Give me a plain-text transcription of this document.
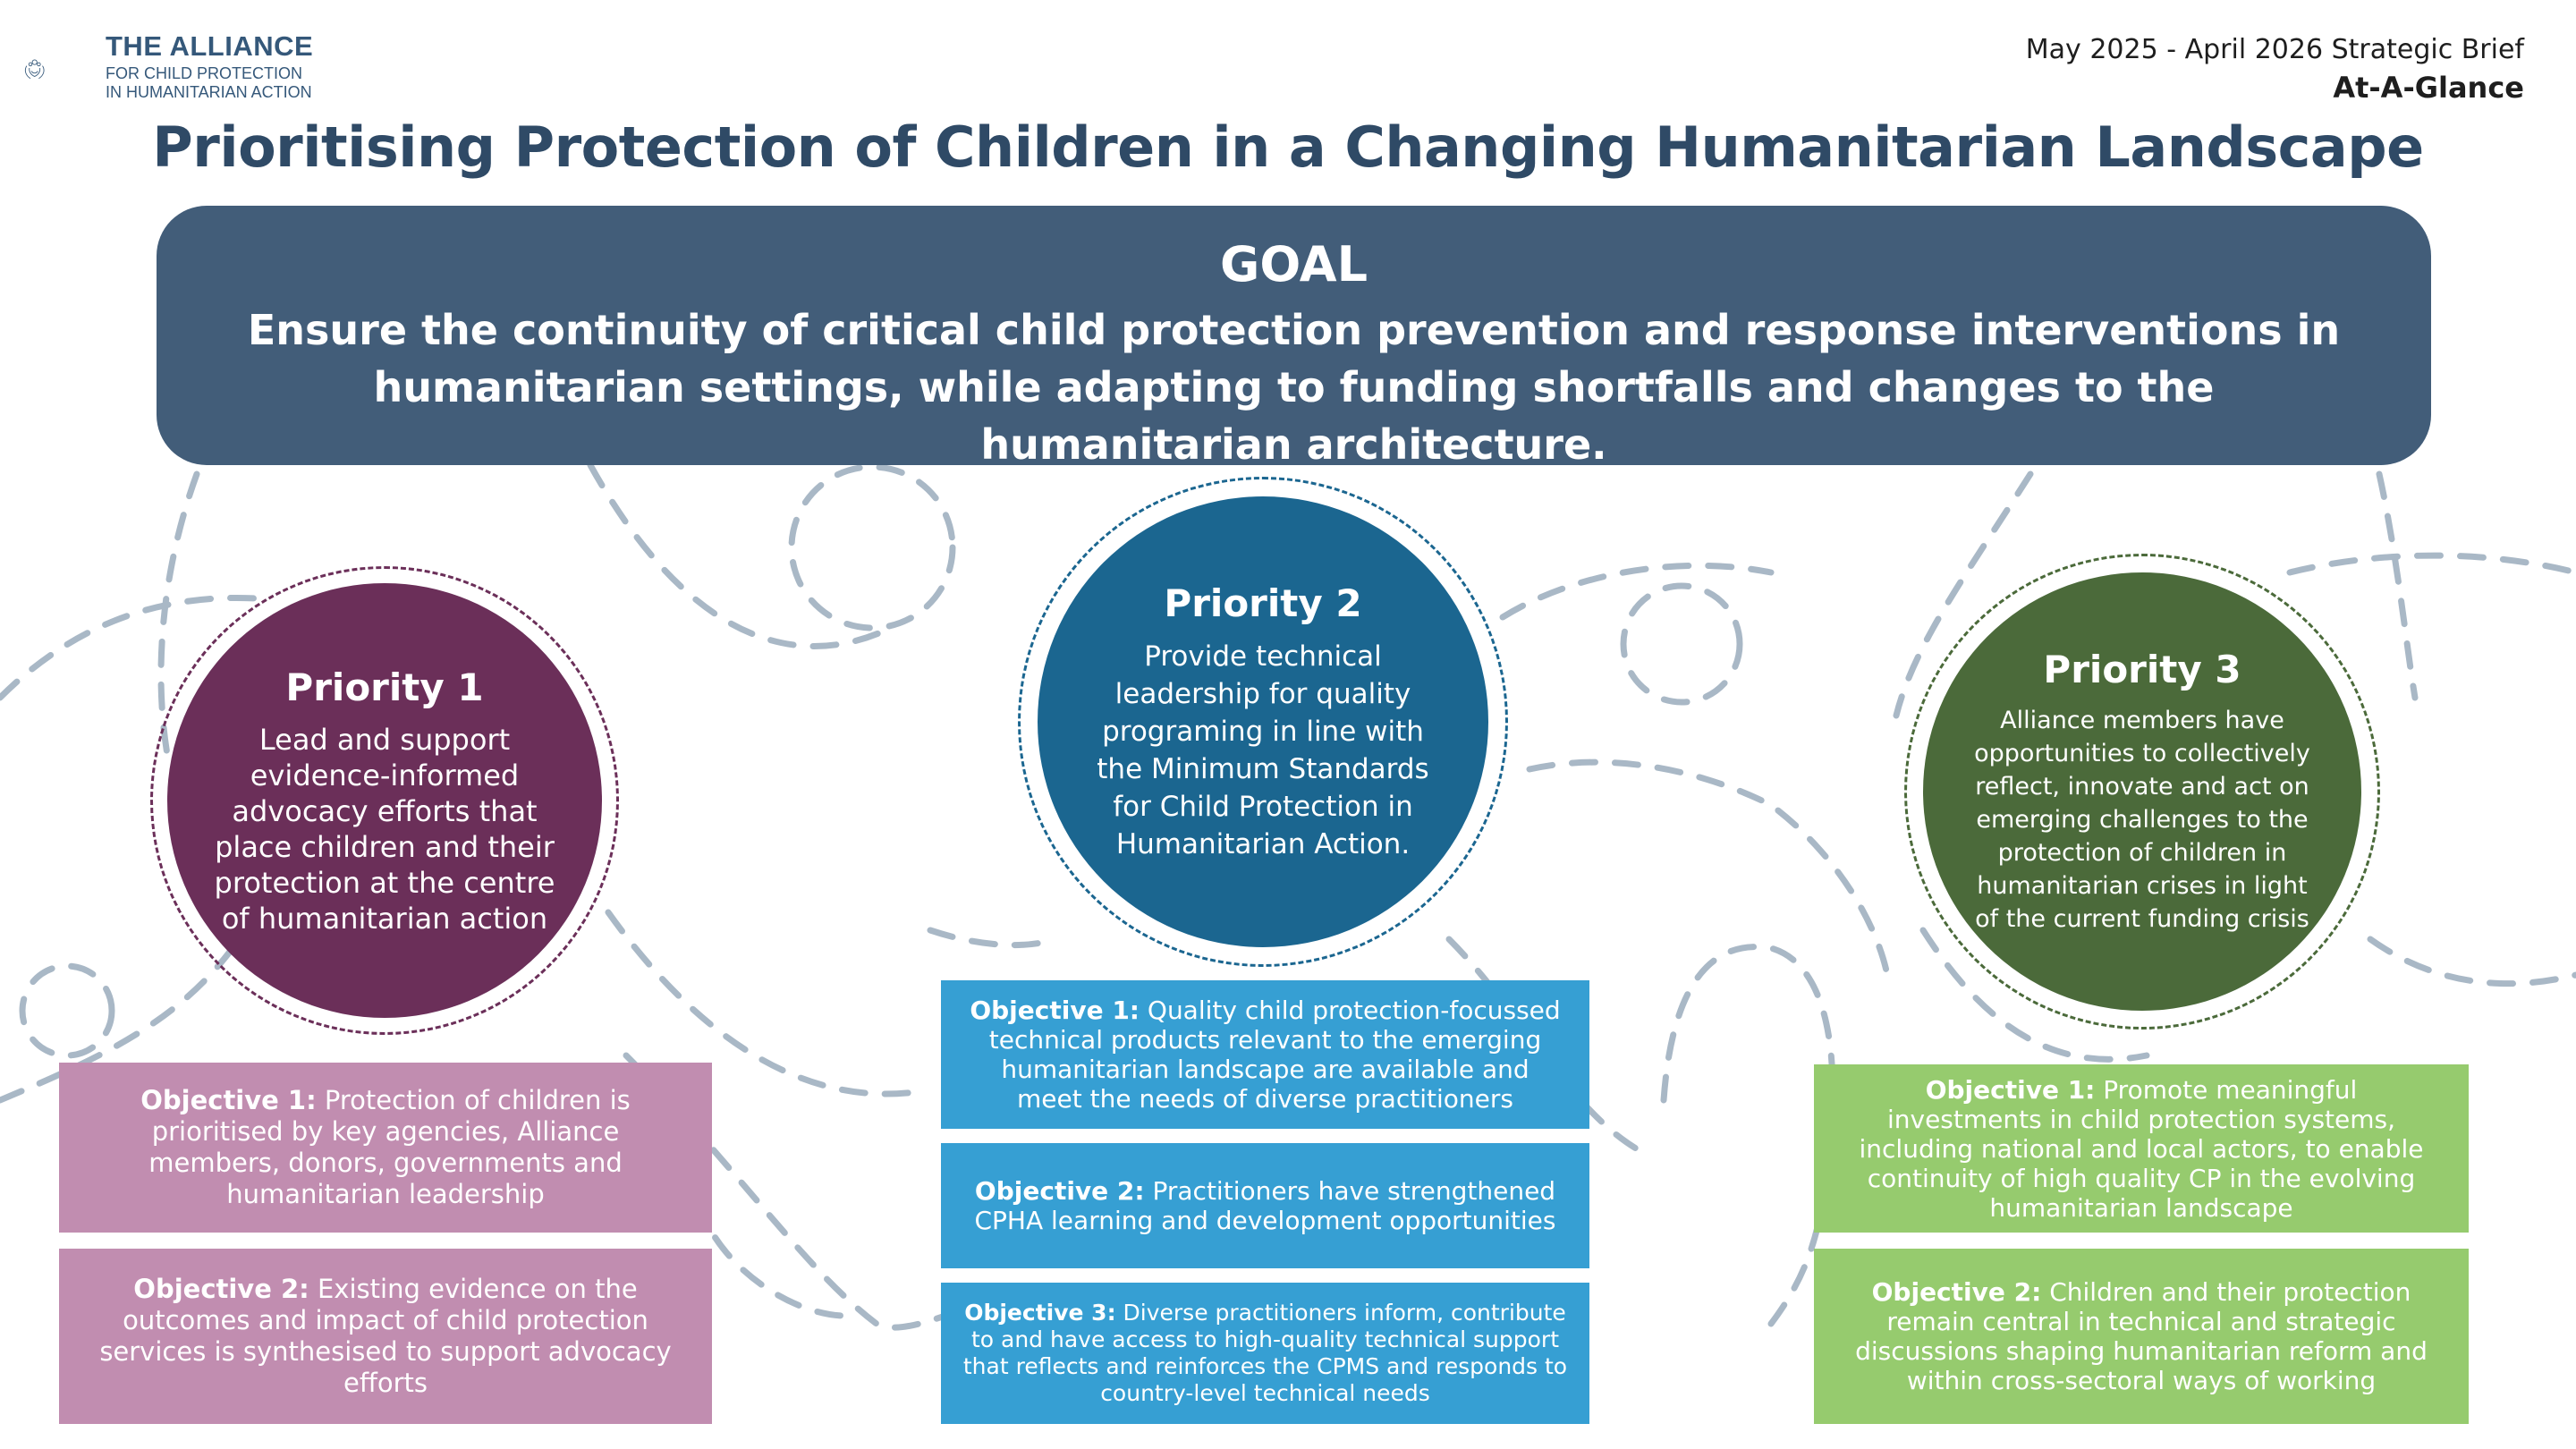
THE ALLIANCE
FOR CHILD PROTECTION
IN HUMANITARIAN ACTION
May 2025 - April 2026 Strategic Brief
At-A-Glance
Prioritising Protection of Children in a Changing Humanitarian Landscape
GOAL
Ensure the continuity of critical child protection prevention and response interventions in humanitarian settings, while adapting to funding shortfalls and changes to the humanitarian architecture.
Priority 1
Lead and support evidence-informed advocacy efforts that place children and their protection at the centre of humanitarian action
Objective 1: Protection of children is prioritised by key agencies, Alliance members, donors, governments and humanitarian leadership
Objective 2: Existing evidence on the outcomes and impact of child protection services is synthesised to support advocacy efforts
Priority 2
Provide technical leadership for quality programing in line with the Minimum Standards for Child Protection in Humanitarian Action.
Objective 1: Quality child protection-focussed technical products relevant to the emerging humanitarian landscape are available and meet the needs of diverse practitioners
Objective 2: Practitioners have strengthened CPHA learning and development opportunities
Objective 3: Diverse practitioners inform, contribute to and have access to high-quality technical support that reflects and reinforces the CPMS and responds to country-level technical needs
Priority 3
Alliance members have opportunities to collectively reflect, innovate and act on emerging challenges to the protection of children in humanitarian crises in light of the current funding crisis
Objective 1: Promote meaningful investments in child protection systems, including national and local actors, to enable continuity of high quality CP in the evolving humanitarian landscape
Objective 2: Children and their protection remain central in technical and strategic discussions shaping humanitarian reform and within cross-sectoral ways of working
